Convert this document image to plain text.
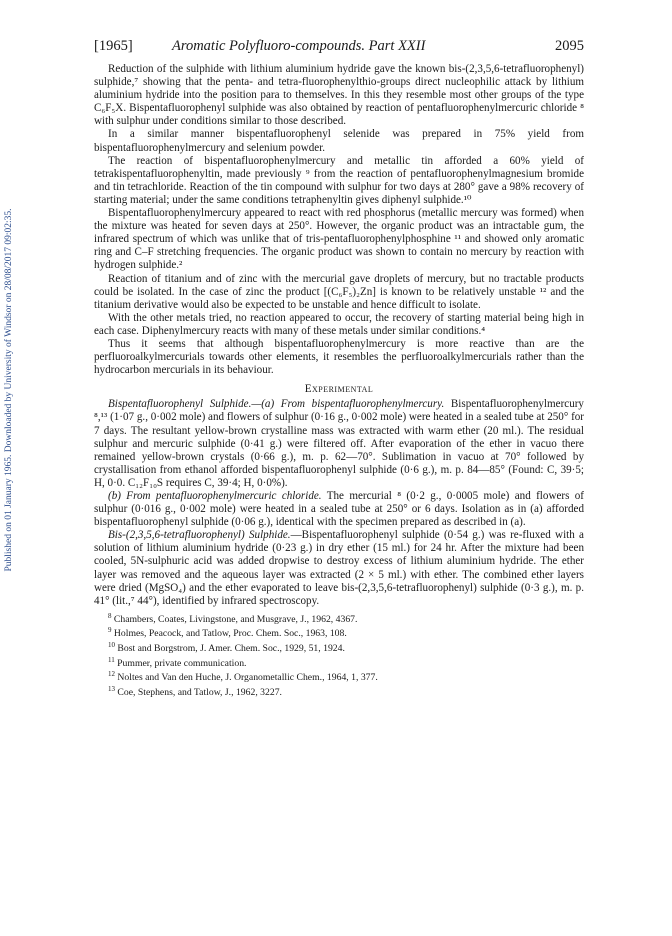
Published on 01 January 1965. Downloaded by University of Windsor on 28/08/2017 09:02:35.
[1965]	Aromatic Polyfluoro-compounds. Part XXII	2095

Reduction of the sulphide with lithium aluminium hydride gave the known bis-(2,3,5,6-tetrafluorophenyl) sulphide,⁷ showing that the penta- and tetra-fluorophenylthio-groups direct nucleophilic attack by lithium aluminium hydride into the position para to themselves. In this they resemble most other groups of the type C₆F₅X. Bispentafluorophenyl sulphide was also obtained by reaction of pentafluorophenylmercuric chloride ⁸ with sulphur under conditions similar to those described.

In a similar manner bispentafluorophenyl selenide was prepared in 75% yield from bispentafluorophenylmercury and selenium powder.

The reaction of bispentafluorophenylmercury and metallic tin afforded a 60% yield of tetrakispentafluorophenyltin, made previously ⁹ from the reaction of pentafluorophenylmagnesium bromide and tin tetrachloride. Reaction of the tin compound with sulphur for two days at 280° gave a 98% recovery of starting material; under the same conditions tetraphenyltin gives diphenyl sulphide.¹⁰

Bispentafluorophenylmercury appeared to react with red phosphorus (metallic mercury was formed) when the mixture was heated for seven days at 250°. However, the organic product was an intractable gum, the infrared spectrum of which was unlike that of tris-pentafluorophenylphosphine ¹¹ and showed only aromatic ring and C–F stretching frequencies. The organic product was shown to contain no mercury by reaction with hydrogen sulphide.²

Reaction of titanium and of zinc with the mercurial gave droplets of mercury, but no tractable products could be isolated. In the case of zinc the product [(C₆F₅)₂Zn] is known to be relatively unstable ¹² and the titanium derivative would also be expected to be unstable and hence difficult to isolate.

With the other metals tried, no reaction appeared to occur, the recovery of starting material being high in each case. Diphenylmercury reacts with many of these metals under similar conditions.⁴

Thus it seems that although bispentafluorophenylmercury is more reactive than are the perfluoroalkylmercurials towards other elements, it resembles the perfluoroalkylmercurials rather than the hydrocarbon mercurials in its behaviour.

Experimental

Bispentafluorophenyl Sulphide.—(a) From bispentafluorophenylmercury. Bispentafluorophenylmercury ⁸,¹³ (1·07 g., 0·002 mole) and flowers of sulphur (0·16 g., 0·002 mole) were heated in a sealed tube at 250° for 7 days. The resultant yellow-brown crystalline mass was extracted with warm ether (20 ml.). The residual sulphur and mercuric sulphide (0·41 g.) were filtered off. After evaporation of the ether in vacuo there remained yellow-brown crystals (0·66 g.), m. p. 62—70°. Sublimation in vacuo at 70° followed by crystallisation from ethanol afforded bispentafluorophenyl sulphide (0·6 g.), m. p. 84—85° (Found: C, 39·5; H, 0·0. C₁₂F₁₀S requires C, 39·4; H, 0·0%).

(b) From pentafluorophenylmercuric chloride. The mercurial ⁸ (0·2 g., 0·0005 mole) and flowers of sulphur (0·016 g., 0·002 mole) were heated in a sealed tube at 250° or 6 days. Isolation as in (a) afforded bispentafluorophenyl sulphide (0·06 g.), identical with the specimen prepared as described in (a).

Bis-(2,3,5,6-tetrafluorophenyl) Sulphide.—Bispentafluorophenyl sulphide (0·54 g.) was re-fluxed with a solution of lithium aluminium hydride (0·23 g.) in dry ether (15 ml.) for 24 hr. After the mixture had been cooled, 5N-sulphuric acid was added dropwise to destroy excess of lithium aluminium hydride. The ether layer was removed and the aqueous layer was extracted (2 × 5 ml.) with ether. The combined ether layers were dried (MgSO₄) and the ether evaporated to leave bis-(2,3,5,6-tetrafluorophenyl) sulphide (0·3 g.), m. p. 41° (lit.,⁷ 44°), identified by infrared spectroscopy.

$^8$ Chambers, Coates, Livingstone, and Musgrave, J., 1962, 4367.
$^9$ Holmes, Peacock, and Tatlow, Proc. Chem. Soc., 1963, 108.
$^{10}$ Bost and Borgstrom, J. Amer. Chem. Soc., 1929, 51, 1924.
$^{11}$ Pummer, private communication.
$^{12}$ Noltes and Van den Huche, J. Organometallic Chem., 1964, 1, 377.
$^{13}$ Coe, Stephens, and Tatlow, J., 1962, 3227.
